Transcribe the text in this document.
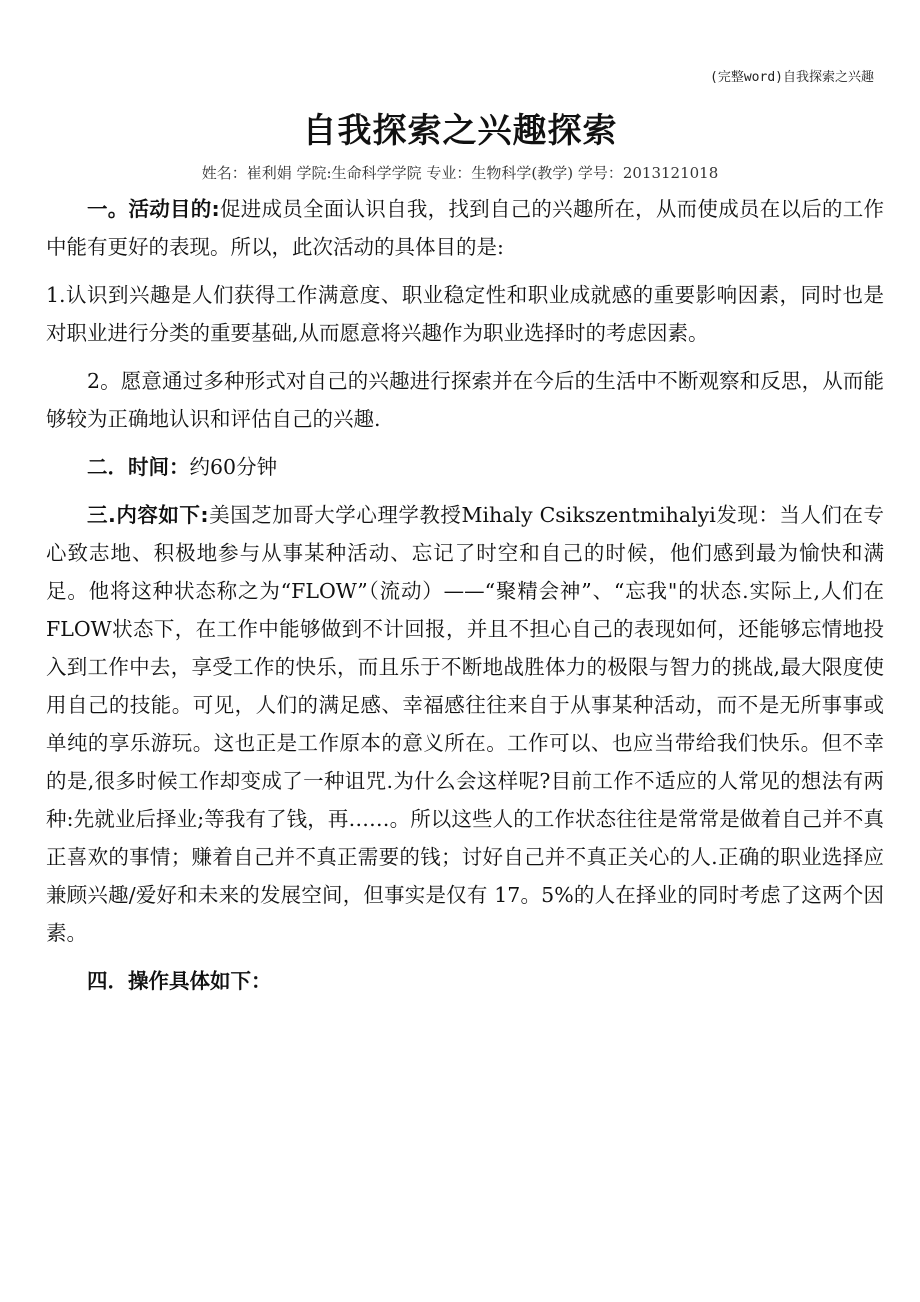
(完整word)自我探索之兴趣
自我探索之兴趣探索
姓名：崔利娟 学院:生命科学学院 专业：生物科学(教学) 学号：2013121018

一。活动目的:促进成员全面认识自我，找到自己的兴趣所在，从而使成员在以后的工作中能有更好的表现。所以，此次活动的具体目的是:

1.认识到兴趣是人们获得工作满意度、职业稳定性和职业成就感的重要影响因素，同时也是对职业进行分类的重要基础,从而愿意将兴趣作为职业选择时的考虑因素。

2。愿意通过多种形式对自己的兴趣进行探索并在今后的生活中不断观察和反思，从而能够较为正确地认识和评估自己的兴趣.

二．时间：约60分钟

三.内容如下:美国芝加哥大学心理学教授Mihaly Csikszentmihalyi发现：当人们在专心致志地、积极地参与从事某种活动、忘记了时空和自己的时候，他们感到最为愉快和满足。他将这种状态称之为“FLOW”（流动）——“聚精会神”、“忘我"的状态.实际上,人们在FLOW状态下，在工作中能够做到不计回报，并且不担心自己的表现如何，还能够忘情地投入到工作中去，享受工作的快乐，而且乐于不断地战胜体力的极限与智力的挑战,最大限度使用自己的技能。可见，人们的满足感、幸福感往往来自于从事某种活动，而不是无所事事或单纯的享乐游玩。这也正是工作原本的意义所在。工作可以、也应当带给我们快乐。但不幸的是,很多时候工作却变成了一种诅咒.为什么会这样呢?目前工作不适应的人常见的想法有两种:先就业后择业;等我有了钱，再……。所以这些人的工作状态往往是常常是做着自己并不真正喜欢的事情；赚着自己并不真正需要的钱；讨好自己并不真正关心的人.正确的职业选择应兼顾兴趣/爱好和未来的发展空间，但事实是仅有 17。5%的人在择业的同时考虑了这两个因素。

四．操作具体如下：
